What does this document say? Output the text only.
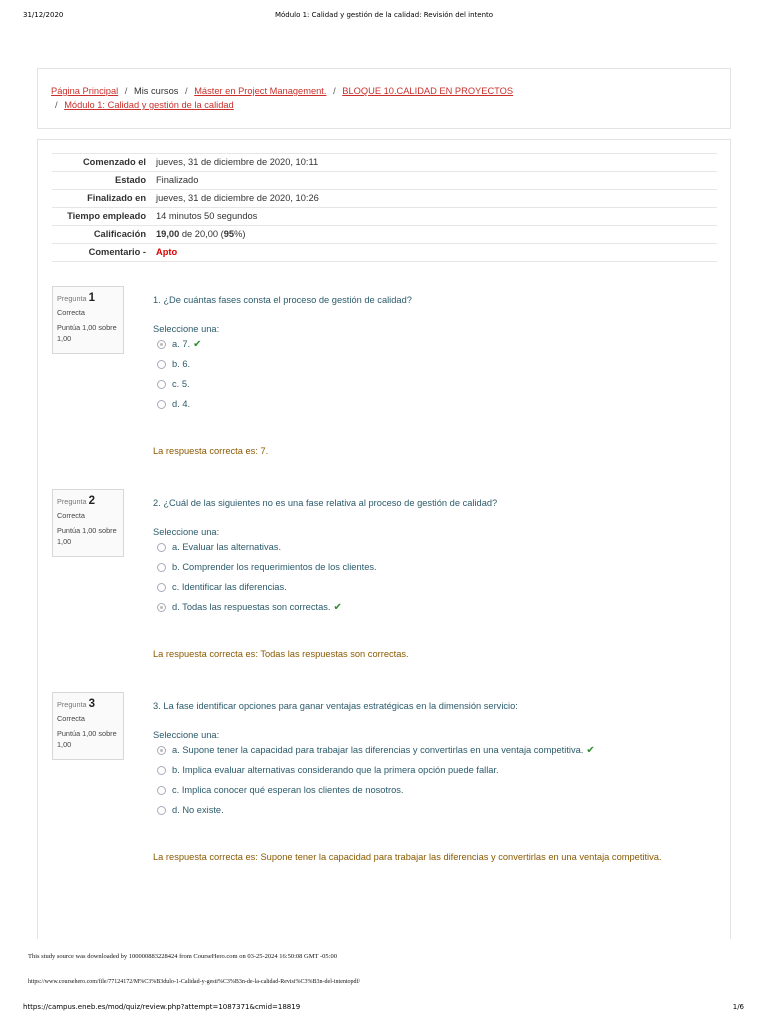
31/12/2020	Módulo 1: Calidad y gestión de la calidad: Revisión del intento
Página Principal / Mis cursos / Máster en Project Management. / BLOQUE 10.CALIDAD EN PROYECTOS
/ Módulo 1: Calidad y gestión de la calidad
Comenzado el	jueves, 31 de diciembre de 2020, 10:11
Estado	Finalizado
Finalizado en	jueves, 31 de diciembre de 2020, 10:26
Tiempo empleado	14 minutos 50 segundos
Calificación	19,00 de 20,00 (95%)
Comentario -	Apto
Pregunta 1
Correcta
Puntúa 1,00 sobre 1,00

1. ¿De cuántas fases consta el proceso de gestión de calidad?

Seleccione una:
a. 7. ✔
b. 6.
c. 5.
d. 4.
La respuesta correcta es: 7.
Pregunta 2
Correcta
Puntúa 1,00 sobre 1,00

2. ¿Cuál de las siguientes no es una fase relativa al proceso de gestión de calidad?

Seleccione una:
a. Evaluar las alternativas.
b. Comprender los requerimientos de los clientes.
c. Identificar las diferencias.
d. Todas las respuestas son correctas. ✔
La respuesta correcta es: Todas las respuestas son correctas.
Pregunta 3
Correcta
Puntúa 1,00 sobre 1,00

3. La fase identificar opciones para ganar ventajas estratégicas en la dimensión servicio:

Seleccione una:
a. Supone tener la capacidad para trabajar las diferencias y convertirlas en una ventaja competitiva. ✔
b. Implica evaluar alternativas considerando que la primera opción puede fallar.
c. Implica conocer qué esperan los clientes de nosotros.
d. No existe.
La respuesta correcta es: Supone tener la capacidad para trabajar las diferencias y convertirlas en una ventaja competitiva.
This study source was downloaded by 100000883228424 from CourseHero.com on 03-25-2024 16:50:08 GMT -05:00
https://www.coursehero.com/file/77124172/M%C3%B3dulo-1-Calidad-y-gesti%C3%B3n-de-la-calidad-Revisi%C3%B3n-del-intentopdf/
https://campus.eneb.es/mod/quiz/review.php?attempt=1087371&cmid=18819	1/6
